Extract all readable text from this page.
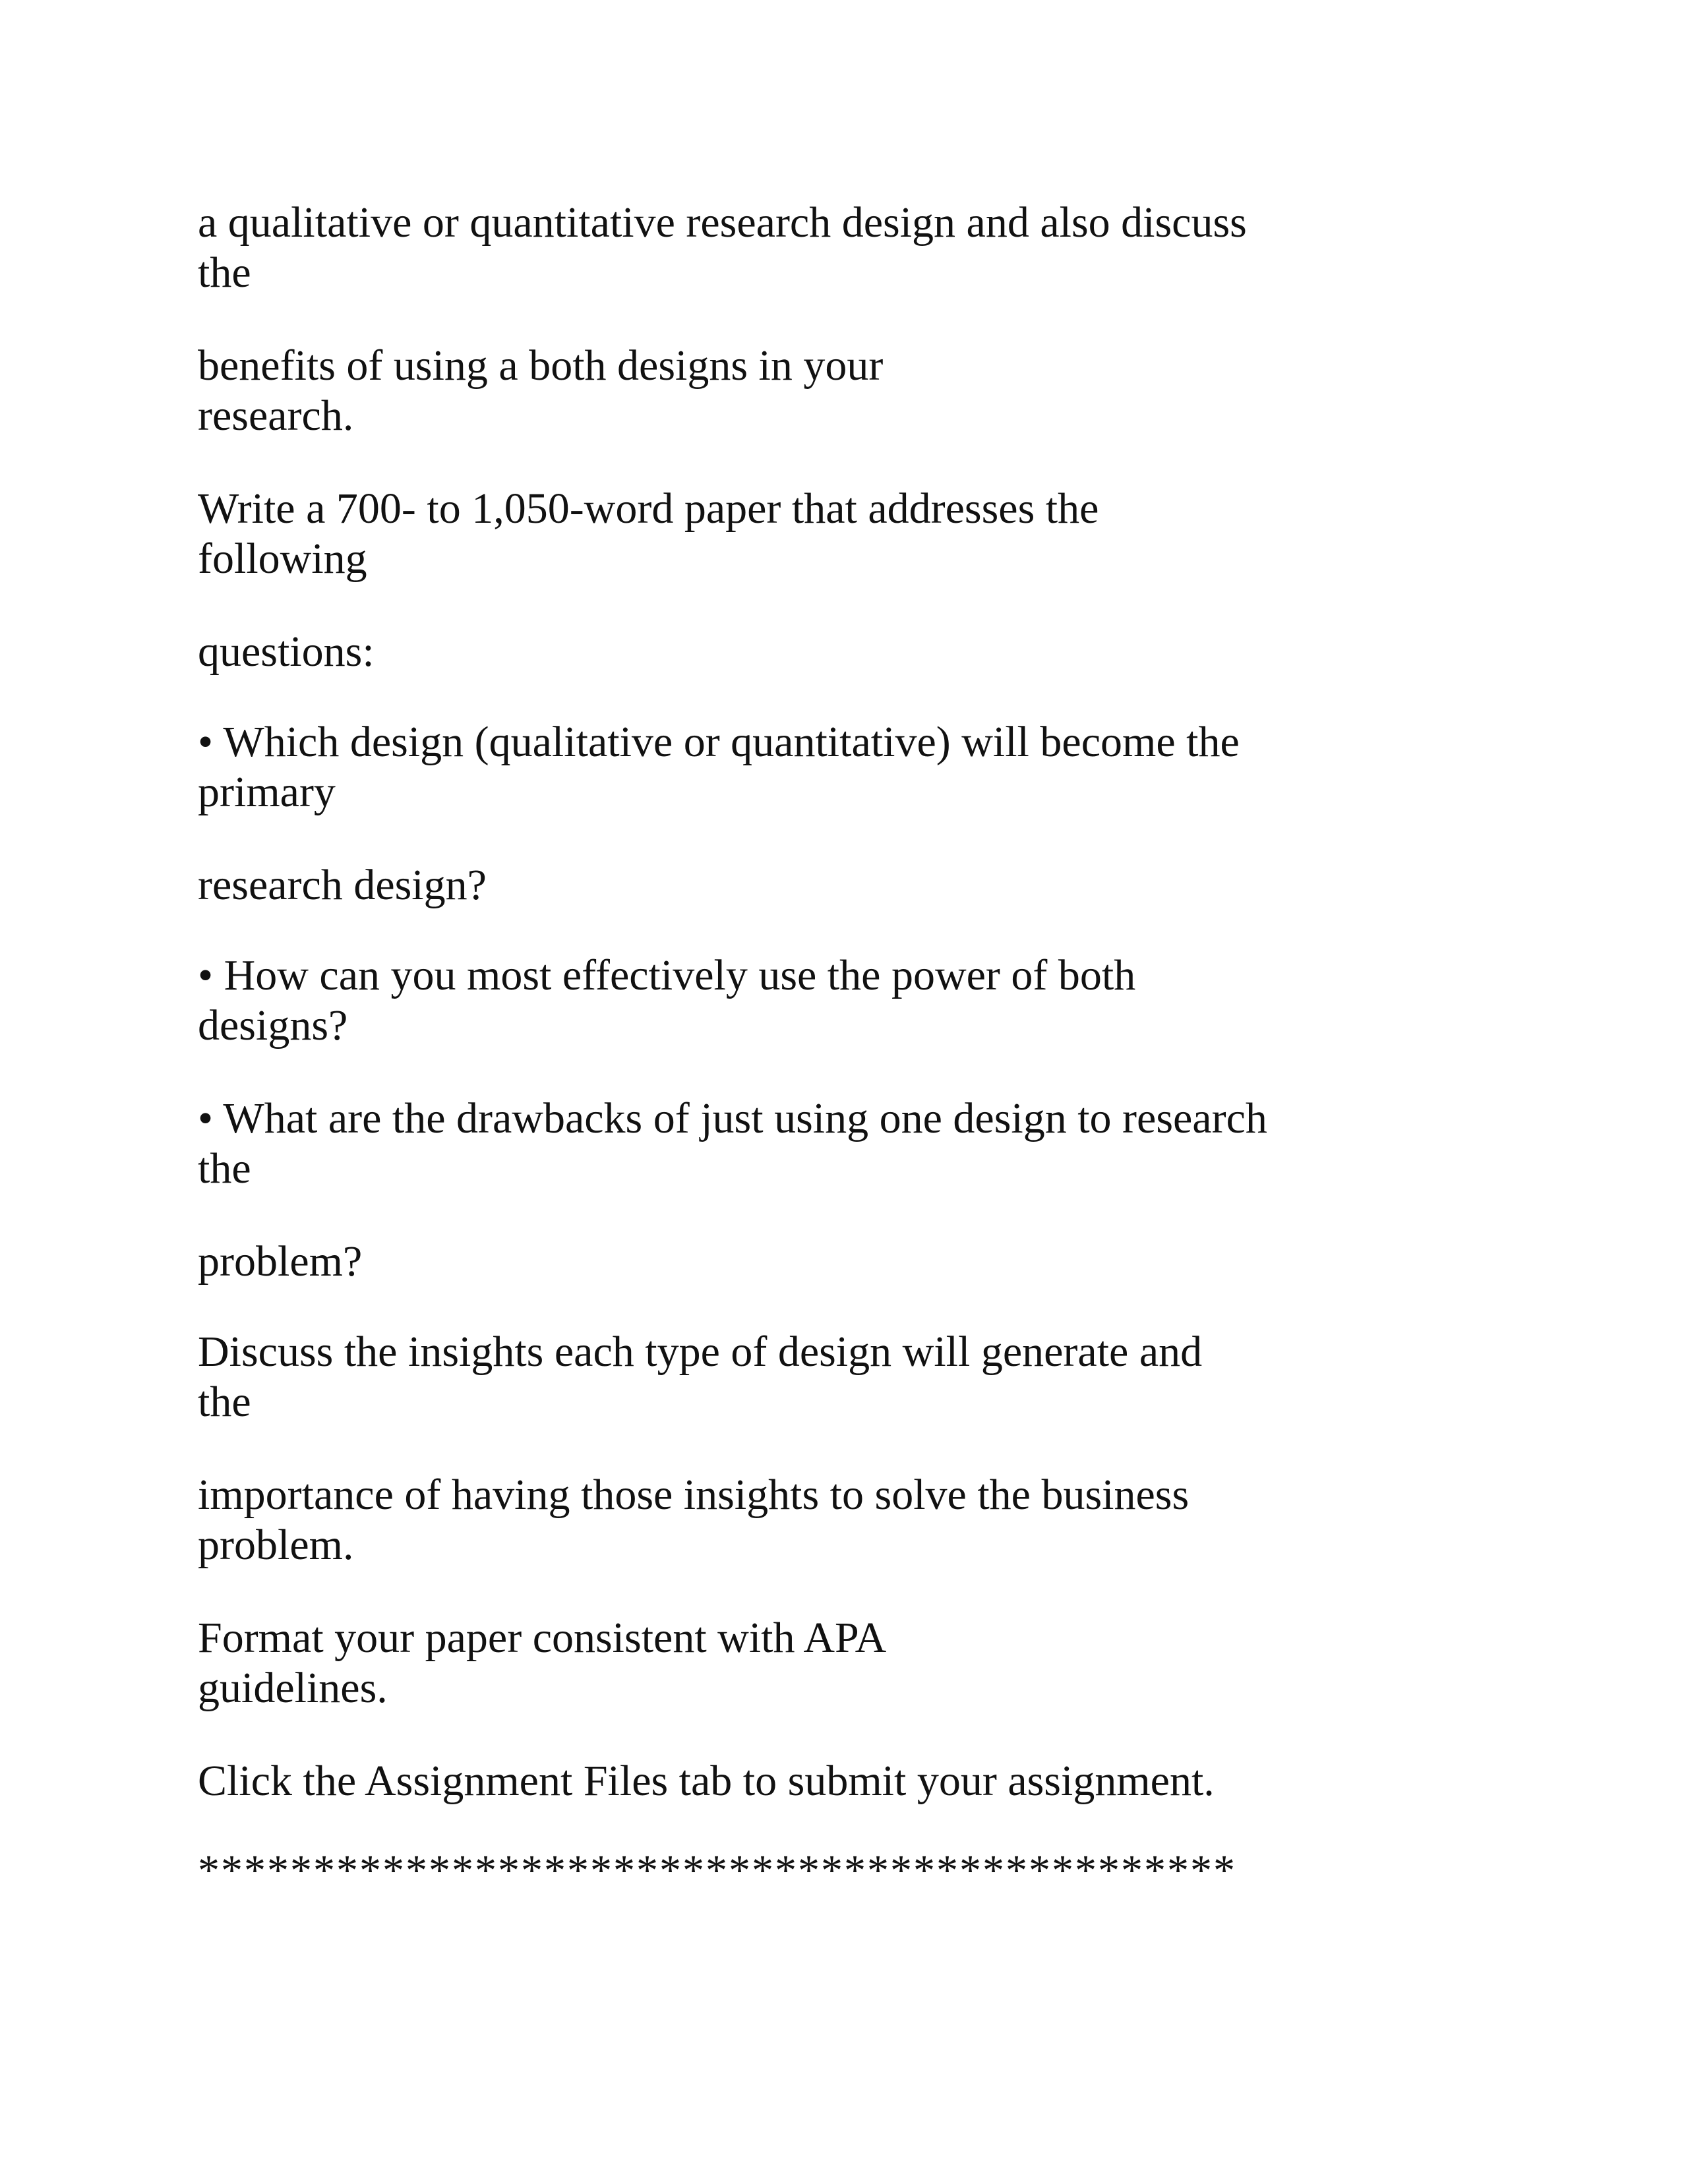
a qualitative or quantitative research design and also discuss
the
benefits of using a both designs in your
research.
Write a 700- to 1,050-word paper that addresses the
following
questions:
• Which design (qualitative or quantitative) will become the
primary
research design?
• How can you most effectively use the power of both
designs?
• What are the drawbacks of just using one design to research
the
problem?
Discuss the insights each type of design will generate and
the
importance of having those insights to solve the business
problem.
Format your paper consistent with APA
guidelines.
Click the Assignment Files tab to submit your assignment.
*********************************************
